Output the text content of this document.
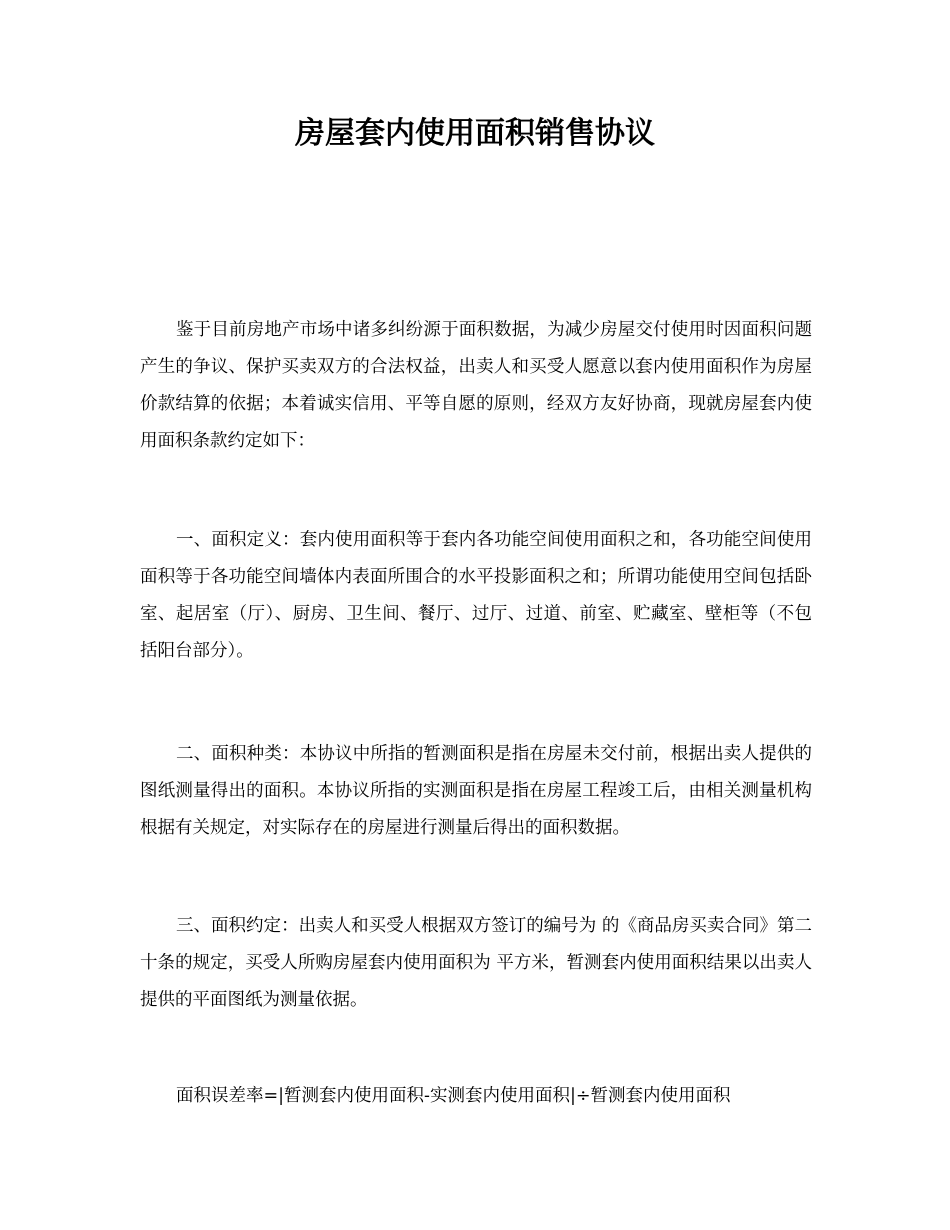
房屋套内使用面积销售协议

鉴于目前房地产市场中诸多纠纷源于面积数据，为减少房屋交付使用时因面积问题产生的争议、保护买卖双方的合法权益，出卖人和买受人愿意以套内使用面积作为房屋价款结算的依据；本着诚实信用、平等自愿的原则，经双方友好协商，现就房屋套内使用面积条款约定如下：

一、面积定义：套内使用面积等于套内各功能空间使用面积之和，各功能空间使用面积等于各功能空间墙体内表面所围合的水平投影面积之和；所谓功能使用空间包括卧室、起居室（厅）、厨房、卫生间、餐厅、过厅、过道、前室、贮藏室、壁柜等（不包括阳台部分）。

二、面积种类：本协议中所指的暂测面积是指在房屋未交付前，根据出卖人提供的图纸测量得出的面积。本协议所指的实测面积是指在房屋工程竣工后，由相关测量机构根据有关规定，对实际存在的房屋进行测量后得出的面积数据。

三、面积约定：出卖人和买受人根据双方签订的编号为 的《商品房买卖合同》第二十条的规定，买受人所购房屋套内使用面积为 平方米，暂测套内使用面积结果以出卖人提供的平面图纸为测量依据。

面积误差率=|暂测套内使用面积-实测套内使用面积|÷暂测套内使用面积
